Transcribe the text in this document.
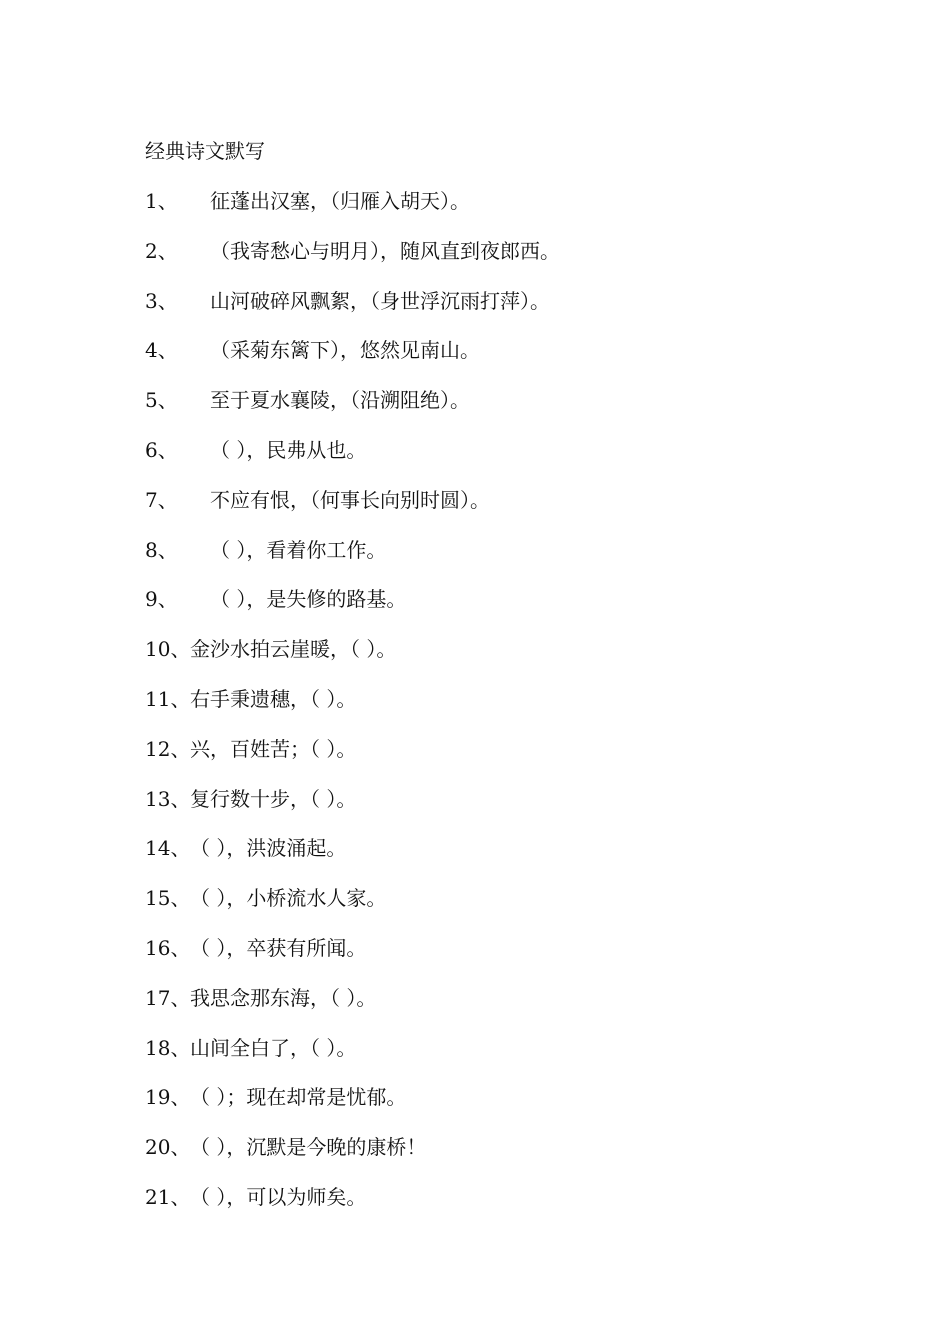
经典诗文默写
1、 征蓬出汉塞，（归雁入胡天）。
2、 （我寄愁心与明月），随风直到夜郎西。
3、 山河破碎风飘絮，（身世浮沉雨打萍）。
4、 （采菊东篱下），悠然见南山。
5、 至于夏水襄陵，（沿溯阻绝）。
6、 （ ），民弗从也。
7、 不应有恨，（何事长向别时圆）。
8、 （ ），看着你工作。
9、 （ ），是失修的路基。
10、 金沙水拍云崖暖，（ ）。
11、 右手秉遗穗，（ ）。
12、 兴，百姓苦；（ ）。
13、 复行数十步，（ ）。
14、 （ ），洪波涌起。
15、 （ ），小桥流水人家。
16、 （ ），卒获有所闻。
17、 我思念那东海，（ ）。
18、 山间全白了，（ ）。
19、 （ ）；现在却常是忧郁。
20、 （ ），沉默是今晚的康桥！
21、 （ ），可以为师矣。
